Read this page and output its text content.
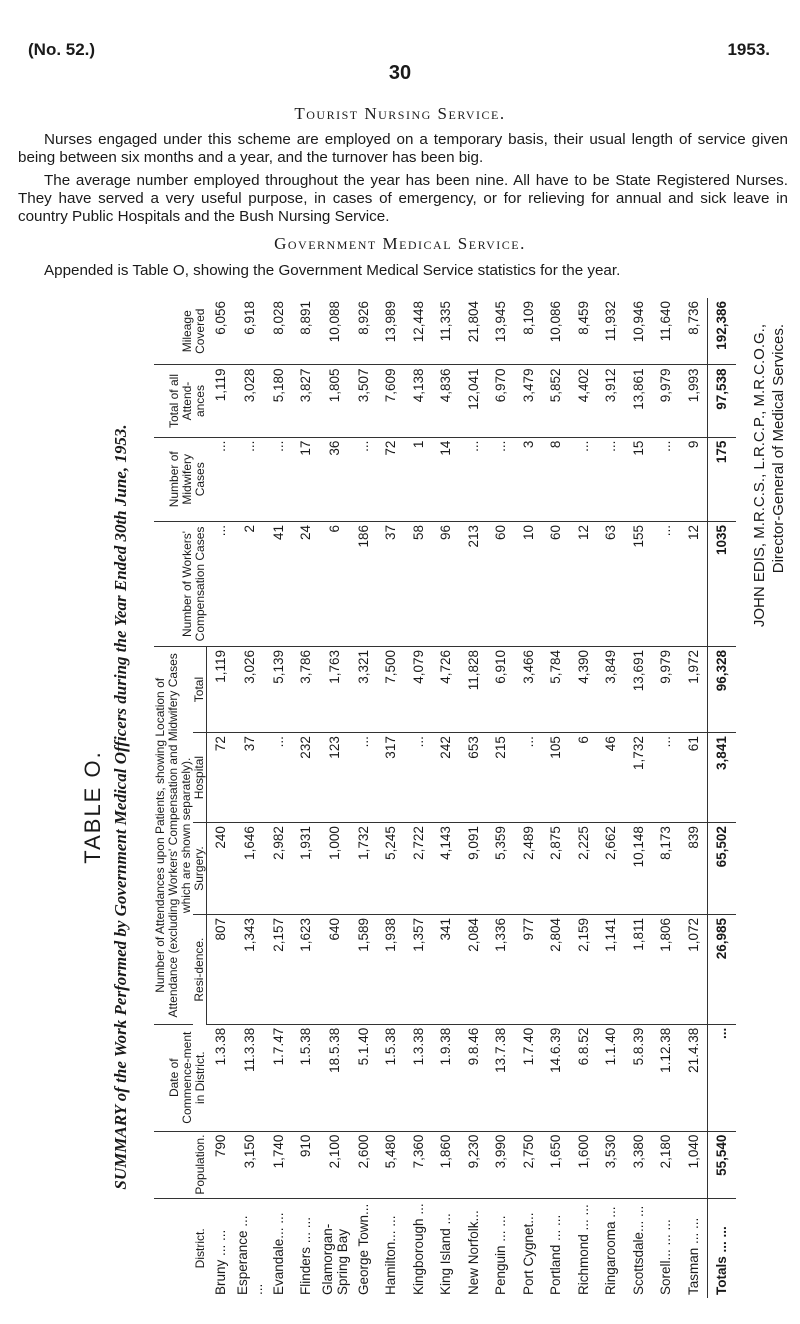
(No. 52.)	1953.
30
Tourist Nursing Service.
Nurses engaged under this scheme are employed on a temporary basis, their usual length of service given being between six months and a year, and the turnover has been big.
The average number employed throughout the year has been nine. All have to be State Registered Nurses. They have served a very useful purpose, in cases of emergency, or for relieving for annual and sick leave in country Public Hospitals and the Bush Nursing Service.
Government Medical Service.
Appended is Table O, showing the Government Medical Service statistics for the year.
TABLE O. SUMMARY of the Work Performed by Government Medical Officers during the Year Ended 30th June, 1953.
District.	Population.	Date of Commence-ment in District.	Number of Attendances upon Patients, showing Location of Attendance (excluding Workers' Compensation and Midwifery Cases which are shown separately).				Number of Workers' Compensation Cases	Number of Midwifery Cases	Total of all Attend-ances	Mileage Covered
			Resi-dence.	Surgery.	Hospital	Total				
Bruny ... ...	790	1.3.38	807	240	72	1,119	...	...	1,119	6,056
Esperance ... ...	3,150	11.3.38	1,343	1,646	37	3,026	2	...	3,028	6,918
Evandale... ...	1,740	1.7.47	2,157	2,982	...	5,139	41	...	5,180	8,028
Flinders ... ...	910	1.5.38	1,623	1,931	232	3,786	24	17	3,827	8,891
Glamorgan-Spring Bay	2,100	18.5.38	640	1,000	123	1,763	6	36	1,805	10,088
George Town...	2,600	5.1.40	1,589	1,732	...	3,321	186	...	3,507	8,926
Hamilton... ...	5,480	1.5.38	1,938	5,245	317	7,500	37	72	7,609	13,989
Kingborough ...	7,360	1.3.38	1,357	2,722	...	4,079	58	1	4,138	12,448
King Island ...	1,860	1.9.38	341	4,143	242	4,726	96	14	4,836	11,335
New Norfolk...	9,230	9.8.46	2,084	9,091	653	11,828	213	...	12,041	21,804
Penguin ... ...	3,990	13.7.38	1,336	5,359	215	6,910	60	...	6,970	13,945
Port Cygnet...	2,750	1.7.40	977	2,489	...	3,466	10	3	3,479	8,109
Portland ... ...	1,650	14.6.39	2,804	2,875	105	5,784	60	8	5,852	10,086
Richmond ... ...	1,600	6.8.52	2,159	2,225	6	4,390	12	...	4,402	8,459
Ringarooma ...	3,530	1.1.40	1,141	2,662	46	3,849	63	...	3,912	11,932
Scottsdale... ...	3,380	5.8.39	1,811	10,148	1,732	13,691	155	15	13,861	10,946
Sorell... ... ...	2,180	1.12.38	1,806	8,173	...	9,979	...	...	9,979	11,640
Tasman ... ...	1,040	21.4.38	1,072	839	61	1,972	12	9	1,993	8,736
Totals ... ...	55,540	...	26,985	65,502	3,841	96,328	1035	175	97,538	192,386 JOHN EDIS, M.R.C.S., L.R.C.P., M.R.C.O.G., Director-General of Medical Services.
